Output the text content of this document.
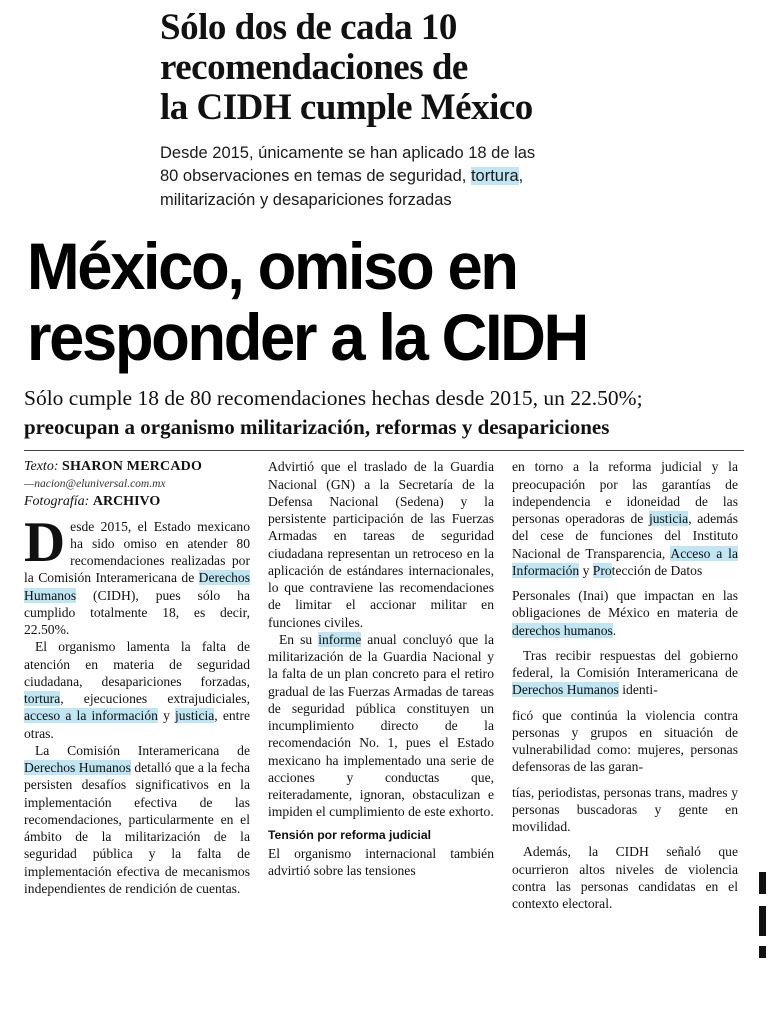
Sólo dos de cada 10
recomendaciones de
la CIDH cumple México
Desde 2015, únicamente se han aplicado 18 de las
80 observaciones en temas de seguridad, tortura,
militarización y desapariciones forzadas
México, omiso en
responder a la CIDH
Sólo cumple 18 de 80 recomendaciones hechas desde 2015, un 22.50%;
preocupan a organismo militarización, reformas y desapariciones
Texto: SHARON MERCADO
—nacion@eluniversal.com.mx
Fotografía: ARCHIVO

Desde 2015, el Estado mexicano ha sido omiso en atender 80 recomendaciones realizadas por la Comisión Interamericana de Derechos Humanos (CIDH), pues sólo ha cumplido totalmente 18, es decir, 22.50%.

El organismo lamenta la falta de atención en materia de seguridad ciudadana, desapariciones forzadas, tortura, ejecuciones extrajudiciales, acceso a la información y justicia, entre otras.

La Comisión Interamericana de Derechos Humanos detalló que a la fecha persisten desafíos significativos en la implementación efectiva de las recomendaciones, particularmente en el ámbito de la militarización de la seguridad pública y la falta de implementación efectiva de mecanismos independientes de rendición de cuentas.

Advirtió que el traslado de la Guardia Nacional (GN) a la Secretaría de la Defensa Nacional (Sedena) y la persistente participación de las Fuerzas Armadas en tareas de seguridad ciudadana representan un retroceso en la aplicación de estándares internacionales, lo que contraviene las recomendaciones de limitar el accionar militar en funciones civiles.

En su informe anual concluyó que la militarización de la Guardia Nacional y la falta de un plan concreto para el retiro gradual de las Fuerzas Armadas de tareas de seguridad pública constituyen un incumplimiento directo de la recomendación No. 1, pues el Estado mexicano ha implementado una serie de acciones y conductas que, reiteradamente, ignoran, obstaculizan e impiden el cumplimiento de este exhorto.

Tensión por reforma judicial

El organismo internacional también advirtió sobre las tensiones

en torno a la reforma judicial y la preocupación por las garantías de independencia e idoneidad de las personas operadoras de justicia, además del cese de funciones del Instituto Nacional de Transparencia, Acceso a la Información y Protección de Datos

Personales (Inai) que impactan en las obligaciones de México en materia de derechos humanos.

Tras recibir respuestas del gobierno federal, la Comisión Interamericana de Derechos Humanos identi-

ficó que continúa la violencia contra personas y grupos en situación de vulnerabilidad como: mujeres, personas defensoras de las garan-

tías, periodistas, personas trans, madres y personas buscadoras y gente en movilidad.

Además, la CIDH señaló que ocurrieron altos niveles de violencia contra las personas candidatas en el contexto electoral.
